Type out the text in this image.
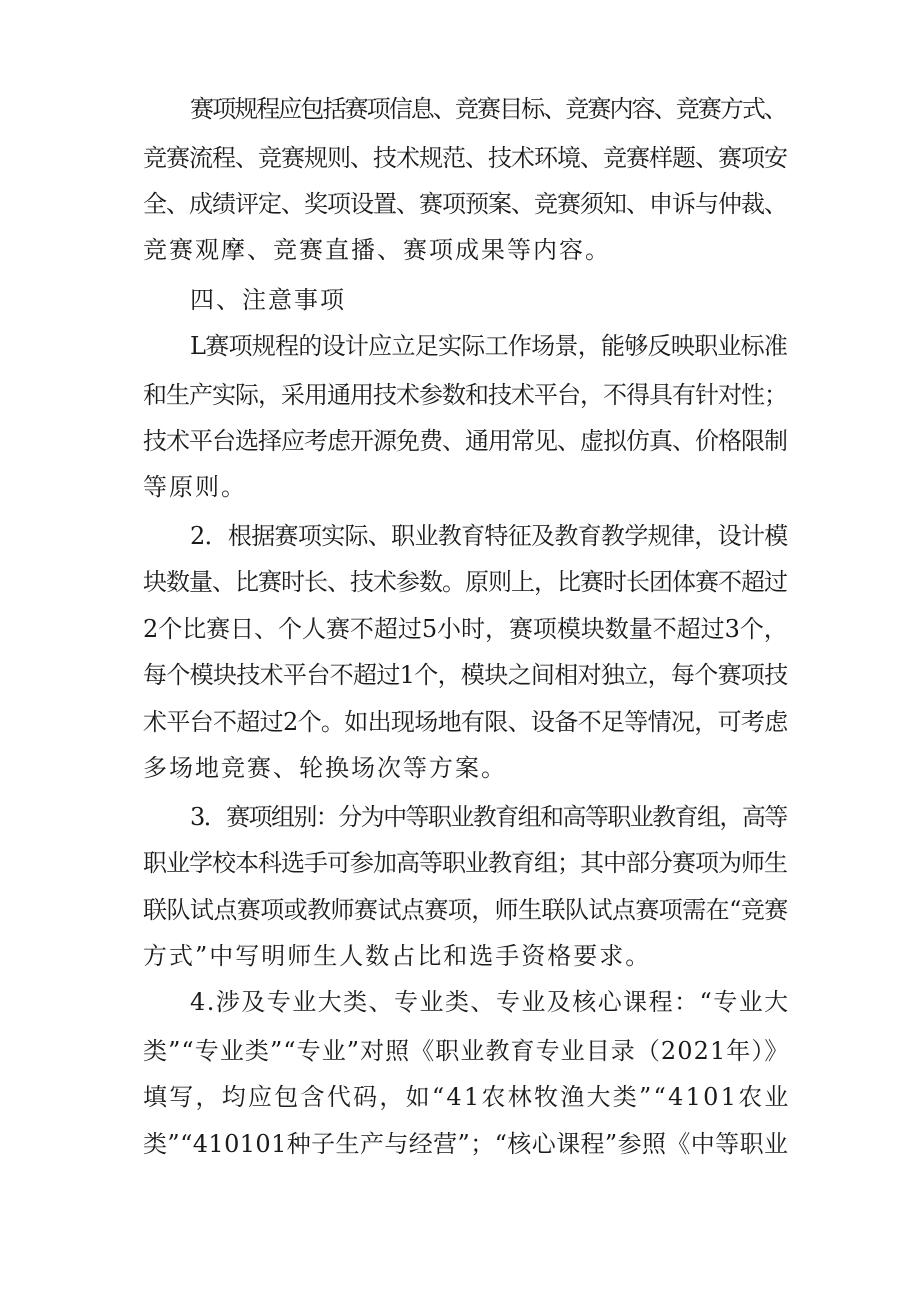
赛项规程应包括赛项信息、竞赛目标、竞赛内容、竞赛方式、
竞赛流程、竞赛规则、技术规范、技术环境、竞赛样题、赛项安
全、成绩评定、奖项设置、赛项预案、竞赛须知、申诉与仲裁、
竞赛观摩、竞赛直播、赛项成果等内容。
四、注意事项
L赛项规程的设计应立足实际工作场景，能够反映职业标准
和生产实际，采用通用技术参数和技术平台，不得具有针对性；
技术平台选择应考虑开源免费、通用常见、虚拟仿真、价格限制
等原则。
2．根据赛项实际、职业教育特征及教育教学规律，设计模
块数量、比赛时长、技术参数。原则上，比赛时长团体赛不超过
2个比赛日、个人赛不超过5小时，赛项模块数量不超过3个，
每个模块技术平台不超过1个，模块之间相对独立，每个赛项技
术平台不超过2个。如出现场地有限、设备不足等情况，可考虑
多场地竞赛、轮换场次等方案。
3．赛项组别：分为中等职业教育组和高等职业教育组，高等
职业学校本科选手可参加高等职业教育组；其中部分赛项为师生
联队试点赛项或教师赛试点赛项，师生联队试点赛项需在“竞赛
方式”中写明师生人数占比和选手资格要求。
4.涉及专业大类、专业类、专业及核心课程：“专业大
类”“专业类”“专业”对照《职业教育专业目录（2021年）》
填写，均应包含代码，如“41农林牧渔大类”“4101农业
类”“410101种子生产与经营”；“核心课程”参照《中等职业
